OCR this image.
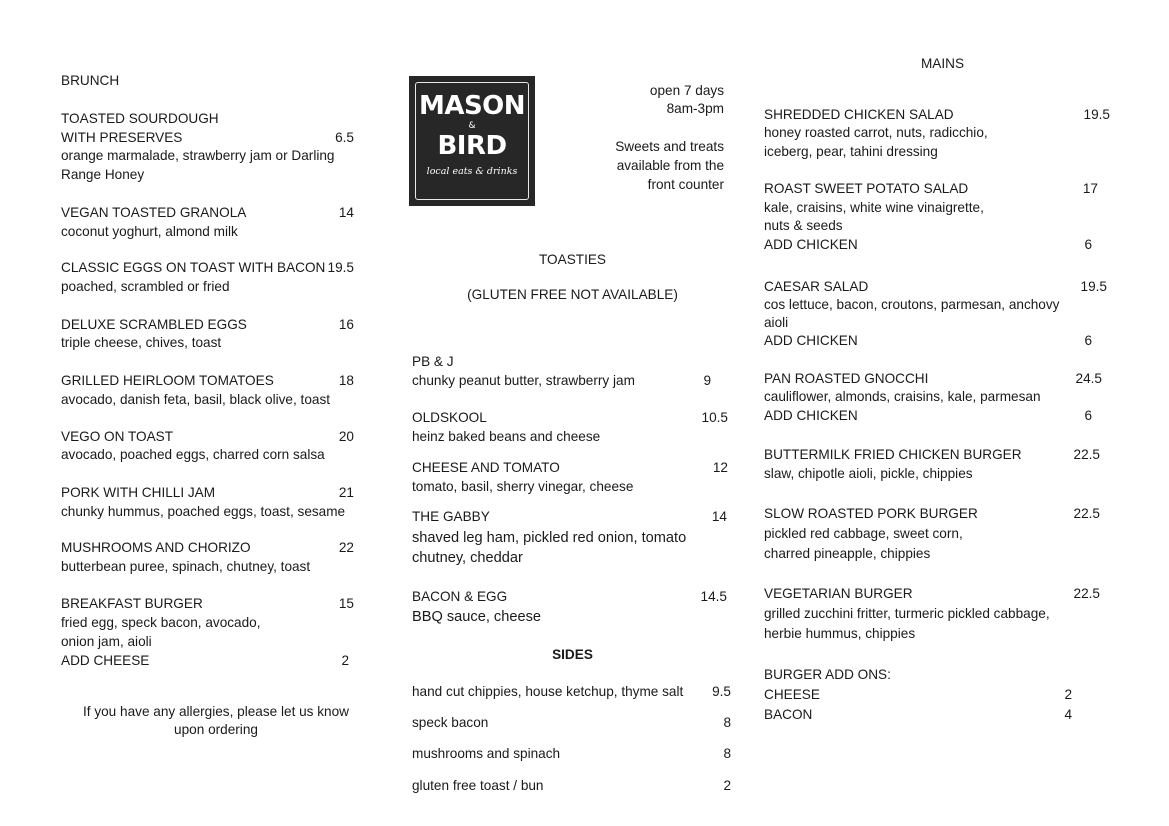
BRUNCH
TOASTED SOURDOUGH
WITH PRESERVES	6.5
orange marmalade, strawberry jam or Darling
Range Honey
VEGAN TOASTED GRANOLA	14
coconut yoghurt, almond milk
CLASSIC EGGS ON TOAST WITH BACON 19.5
poached, scrambled or fried
DELUXE SCRAMBLED EGGS	16
triple cheese, chives, toast
GRILLED HEIRLOOM TOMATOES	18
avocado, danish feta, basil, black olive, toast
VEGO ON TOAST	20
avocado, poached eggs, charred corn salsa
PORK WITH CHILLI JAM	21
chunky hummus, poached eggs, toast, sesame
MUSHROOMS AND CHORIZO	22
butterbean puree, spinach, chutney, toast
BREAKFAST BURGER	15
fried egg, speck bacon, avocado,
onion jam, aioli
ADD CHEESE	2
If you have any allergies, please let us know
upon ordering
MASON
&
BIRD
local eats & drinks
open 7 days
8am-3pm
Sweets and treats
available from the
front counter
TOASTIES
(GLUTEN FREE NOT AVAILABLE)
PB & J
chunky peanut butter, strawberry jam	9
OLDSKOOL	10.5
heinz baked beans and cheese
CHEESE AND TOMATO	12
tomato, basil, sherry vinegar, cheese
THE GABBY	14
shaved leg ham, pickled red onion, tomato
chutney, cheddar
BACON & EGG	14.5
BBQ sauce, cheese
SIDES
hand cut chippies, house ketchup, thyme salt	9.5
speck bacon	8
mushrooms and spinach	8
gluten free toast / bun	2
MAINS
SHREDDED CHICKEN SALAD	19.5
honey roasted carrot, nuts, radicchio,
iceberg, pear, tahini dressing
ROAST SWEET POTATO SALAD	17
kale, craisins, white wine vinaigrette,
nuts & seeds
ADD CHICKEN	6
CAESAR SALAD	19.5
cos lettuce, bacon, croutons, parmesan, anchovy
aioli
ADD CHICKEN	6
PAN ROASTED GNOCCHI	24.5
cauliflower, almonds, craisins, kale, parmesan
ADD CHICKEN	6
BUTTERMILK FRIED CHICKEN BURGER	22.5
slaw, chipotle aioli, pickle, chippies
SLOW ROASTED PORK BURGER	22.5
pickled red cabbage, sweet corn,
charred pineapple, chippies
VEGETARIAN BURGER	22.5
grilled zucchini fritter, turmeric pickled cabbage,
herbie hummus, chippies
BURGER ADD ONS:
CHEESE	2
BACON	4
